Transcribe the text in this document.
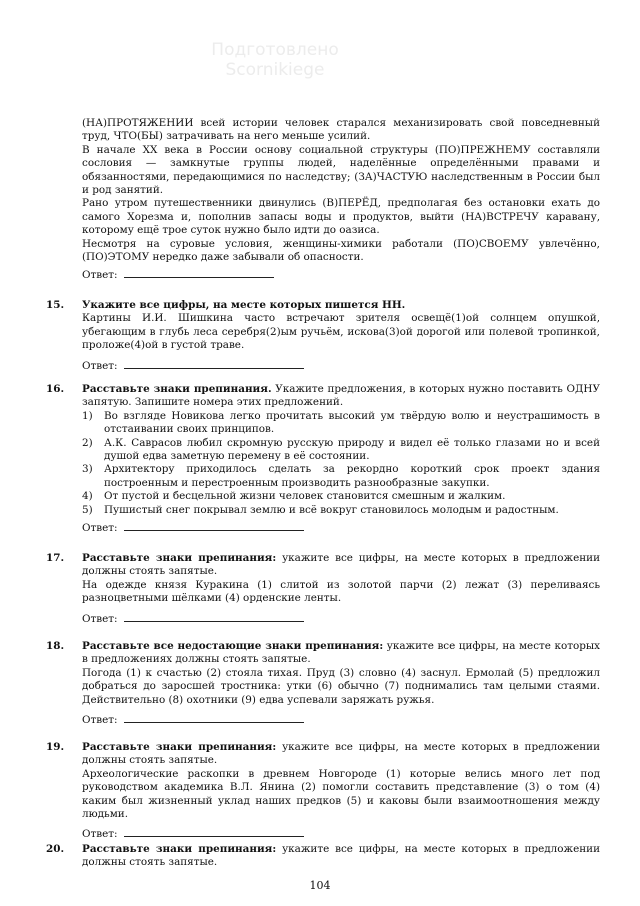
Подготовлено
Scornikiege
(НА)ПРОТЯЖЕНИИ всей истории человек старался механизировать свой повседневный труд, ЧТО(БЫ) затрачивать на него меньше усилий.
В начале XX века в России основу социальной структуры (ПО)ПРЕЖНЕМУ составляли сословия — замкнутые группы людей, наделённые определёнными правами и обязанностями, передающимися по наследству; (ЗА)ЧАСТУЮ наследственным в России был и род занятий.
Рано утром путешественники двинулись (В)ПЕРЁД, предполагая без остановки ехать до самого Хорезма и, пополнив запасы воды и продуктов, выйти (НА)ВСТРЕЧУ каравану, которому ещё трое суток нужно было идти до оазиса.
Несмотря на суровые условия, женщины-химики работали (ПО)СВОЕМУ увлечённо, (ПО)ЭТОМУ нередко даже забывали об опасности.
Ответ:
15. Укажите все цифры, на месте которых пишется НН.
Картины И.И. Шишкина часто встречают зрителя освещё(1)ой солнцем опушкой, убегающим в глубь леса серебря(2)ым ручьём, искова(3)ой дорогой или полевой тропинкой, проложе(4)ой в густой траве.
Ответ:
16. Расставьте знаки препинания. Укажите предложения, в которых нужно поставить ОДНУ запятую. Запишите номера этих предложений.
1)	Во взгляде Новикова легко прочитать высокий ум твёрдую волю и неустрашимость в отстаивании своих принципов.
2)	А.К. Саврасов любил скромную русскую природу и видел её только глазами но и всей душой едва заметную перемену в её состоянии.
3)	Архитектору приходилось сделать за рекордно короткий срок проект здания построенным и перестроенным производить разнообразные закупки.
4)	От пустой и бесцельной жизни человек становится смешным и жалким.
5)	Пушистый снег покрывал землю и всё вокруг становилось молодым и радостным.
Ответ:
17. Расставьте знаки препинания: укажите все цифры, на месте которых в предложении должны стоять запятые.
На одежде князя Куракина (1) слитой из золотой парчи (2) лежат (3) переливаясь разноцветными шёлками (4) орденские ленты.
Ответ:
18. Расставьте все недостающие знаки препинания: укажите все цифры, на месте которых в предложениях должны стоять запятые.
Погода (1) к счастью (2) стояла тихая. Пруд (3) словно (4) заснул. Ермолай (5) предложил добраться до заросшей тростника: утки (6) обычно (7) поднимались там целыми стаями. Действительно (8) охотники (9) едва успевали заряжать ружья.
Ответ:
19. Расставьте знаки препинания: укажите все цифры, на месте которых в предложении должны стоять запятые.
Археологические раскопки в древнем Новгороде (1) которые велись много лет под руководством академика В.Л. Янина (2) помогли составить представление (3) о том (4) каким был жизненный уклад наших предков (5) и каковы были взаимоотношения между людьми.
Ответ:
20. Расставьте знаки препинания: укажите все цифры, на месте которых в предложении должны стоять запятые.
104
